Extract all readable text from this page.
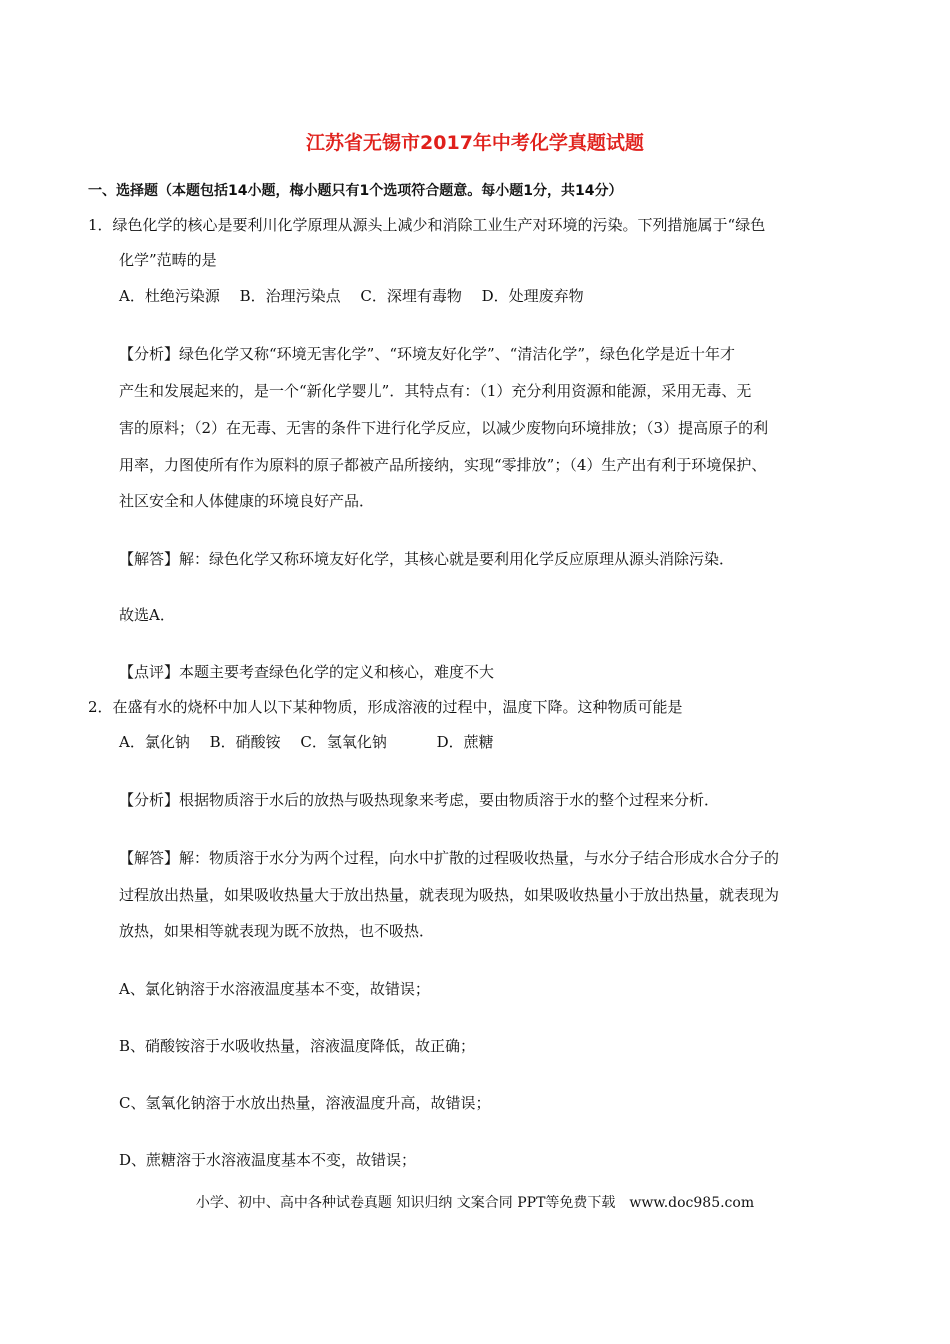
江苏省无锡市2017年中考化学真题试题
一、选择题（本题包括14小题，梅小题只有1个选项符合题意。每小题1分，共14分）
1．绿色化学的核心是要利川化学原理从源头上减少和消除工业生产对环境的污染。下列措施属于“绿色
化学”范畴的是
A．杜绝污染源　 B．治理污染点　 C．深埋有毒物　 D．处理废弃物
【分析】绿色化学又称“环境无害化学”、“环境友好化学”、“清洁化学”，绿色化学是近十年才
产生和发展起来的，是一个“新化学婴儿”．其特点有：（1）充分利用资源和能源，采用无毒、无
害的原料；（2）在无毒、无害的条件下进行化学反应，以减少废物向环境排放；（3）提高原子的利
用率，力图使所有作为原料的原子都被产品所接纳，实现“零排放”；（4）生产出有利于环境保护、
社区安全和人体健康的环境良好产品．
【解答】解：绿色化学又称环境友好化学，其核心就是要利用化学反应原理从源头消除污染．
故选A．
【点评】本题主要考查绿色化学的定义和核心，难度不大
2．在盛有水的烧杯中加人以下某种物质，形成溶液的过程中，温度下降。这种物质可能是
A．氯化钠　 B．硝酸铵　 C．氢氧化钠　　　 D．蔗糖
【分析】根据物质溶于水后的放热与吸热现象来考虑，要由物质溶于水的整个过程来分析．
【解答】解：物质溶于水分为两个过程，向水中扩散的过程吸收热量，与水分子结合形成水合分子的
过程放出热量，如果吸收热量大于放出热量，就表现为吸热，如果吸收热量小于放出热量，就表现为
放热，如果相等就表现为既不放热，也不吸热．
A、氯化钠溶于水溶液温度基本不变，故错误；
B、硝酸铵溶于水吸收热量，溶液温度降低，故正确；
C、氢氧化钠溶于水放出热量，溶液温度升高，故错误；
D、蔗糖溶于水溶液温度基本不变，故错误；
小学、初中、高中各种试卷真题 知识归纳 文案合同 PPT等免费下载　www.doc985.com
